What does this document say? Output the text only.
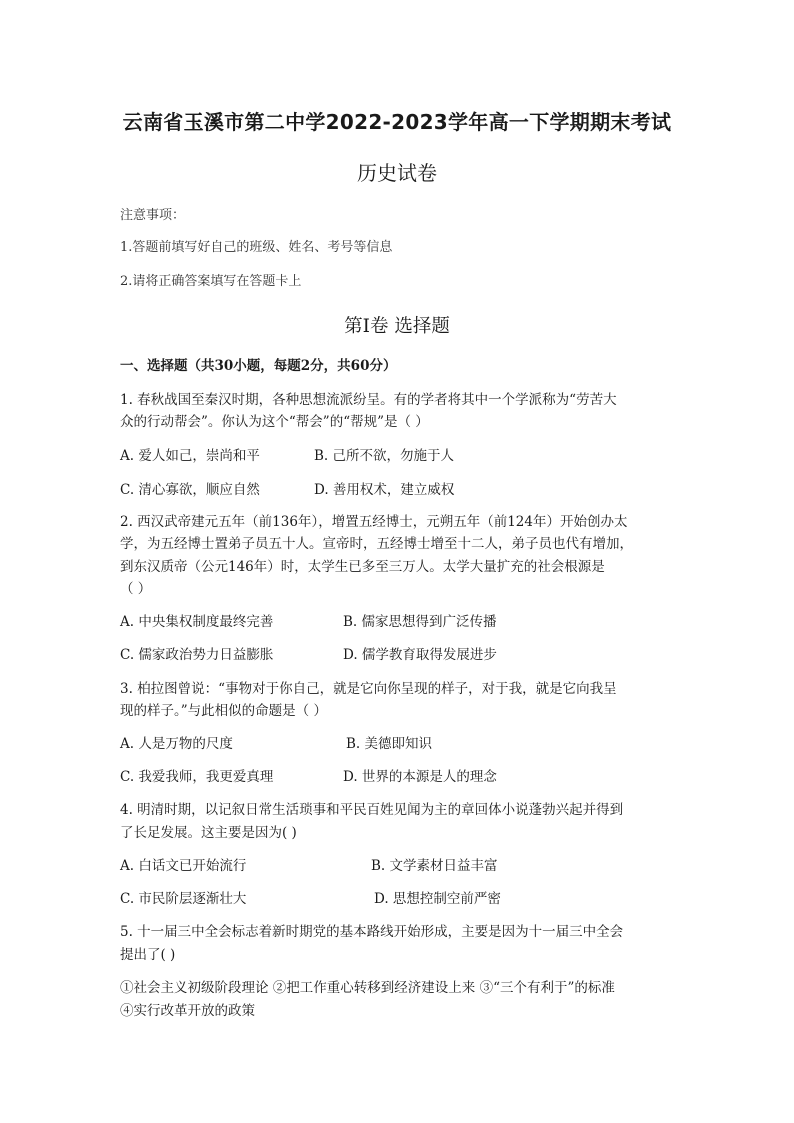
云南省玉溪市第二中学2022-2023学年高一下学期期末考试
历史试卷
注意事项：
1.答题前填写好自己的班级、姓名、考号等信息
2.请将正确答案填写在答题卡上
第Ⅰ卷 选择题
一、选择题（共30小题，每题2分，共60分）
1. 春秋战国至秦汉时期，各种思想流派纷呈。有的学者将其中一个学派称为“劳苦大
众的行动帮会”。你认为这个“帮会”的“帮规”是（ ）
A. 爱人如己，崇尚和平	B. 己所不欲，勿施于人
C. 清心寡欲，顺应自然	D. 善用权术，建立威权
2. 西汉武帝建元五年（前136年），增置五经博士，元朔五年（前124年）开始创办太
学，为五经博士置弟子员五十人。宣帝时，五经博士增至十二人，弟子员也代有增加，
到东汉质帝（公元146年）时，太学生已多至三万人。太学大量扩充的社会根源是
（ ）
A. 中央集权制度最终完善	B. 儒家思想得到广泛传播
C. 儒家政治势力日益膨胀	D. 儒学教育取得发展进步
3. 柏拉图曾说：“事物对于你自己，就是它向你呈现的样子，对于我，就是它向我呈
现的样子。”与此相似的命题是（ ）
A. 人是万物的尺度	B. 美德即知识
C. 我爱我师，我更爱真理	D. 世界的本源是人的理念
4. 明清时期，以记叙日常生活琐事和平民百姓见闻为主的章回体小说蓬勃兴起并得到
了长足发展。这主要是因为( )
A. 白话文已开始流行	B. 文学素材日益丰富
C. 市民阶层逐渐壮大	D. 思想控制空前严密
5. 十一届三中全会标志着新时期党的基本路线开始形成，主要是因为十一届三中全会
提出了( )
①社会主义初级阶段理论 ②把工作重心转移到经济建设上来 ③“三个有利于”的标准
④实行改革开放的政策
